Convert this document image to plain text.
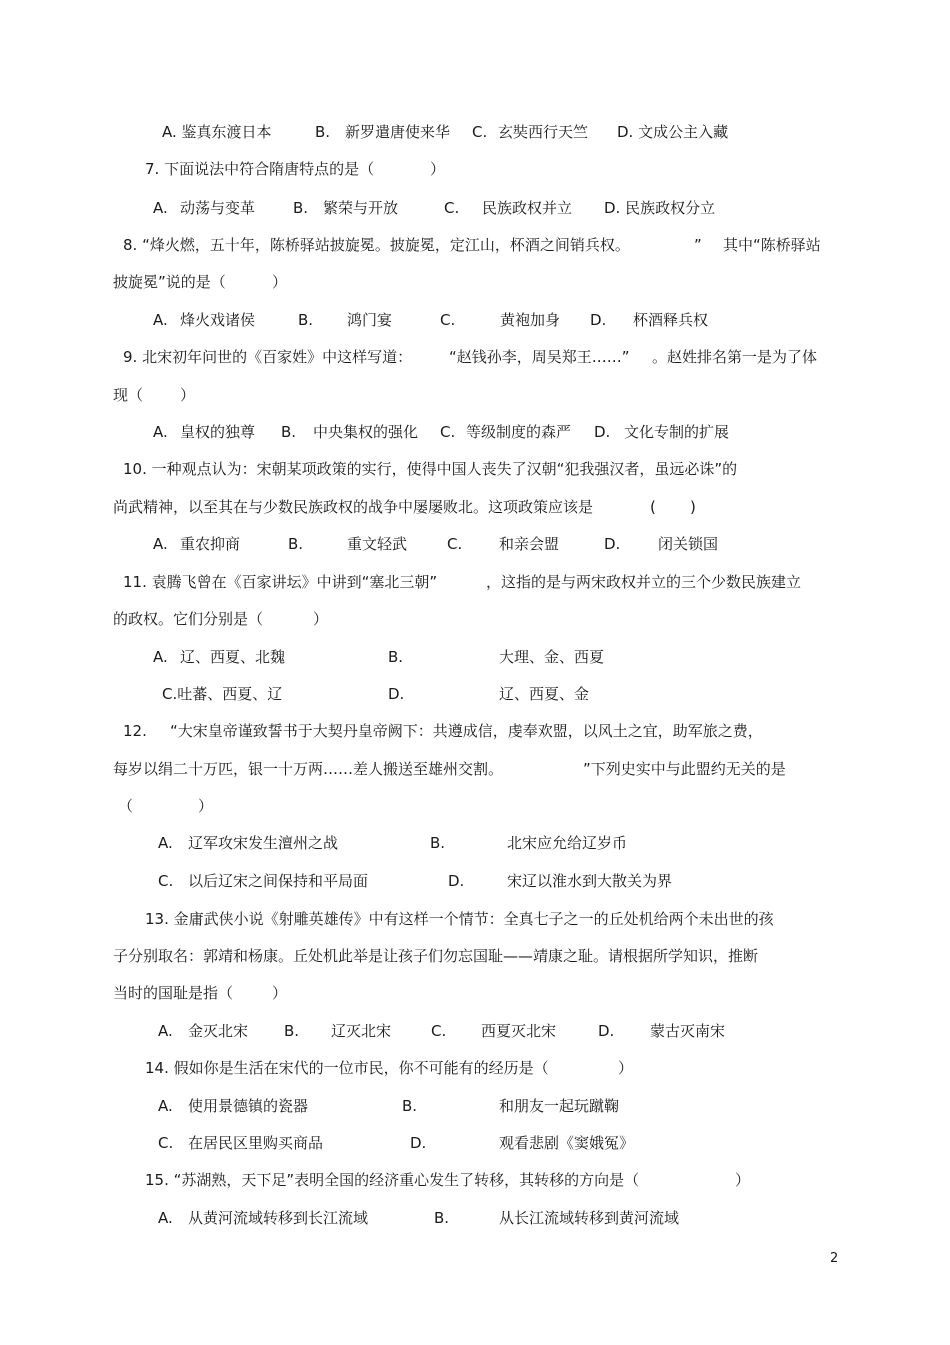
A. 鉴真东渡日本	B. 新罗遣唐使来华 C. 玄奘西行天竺 D. 文成公主入藏
7. 下面说法中符合隋唐特点的是（	）
A. 动荡与变革	B. 繁荣与开放	C. 民族政权并立 D. 民族政权分立
8. “烽火燃，五十年，陈桥驿站披旋冕。披旋冕，定江山，杯酒之间销兵权。	” 其中“陈桥驿站
披旋冕”说的是（	）
A. 烽火戏诸侯	B. 鸿门宴	C.	黄袍加身 D. 杯酒释兵权
9. 北宋初年问世的《百家姓》中这样写道： “赵钱孙李，周吴郑王……” 。赵姓排名第一是为了体
现（ ）
A. 皇权的独尊 B. 中央集权的强化 C. 等级制度的森严 D. 文化专制的扩展
10. 一种观点认为：宋朝某项政策的实行，使得中国人丧失了汉朝“犯我强汉者，虽远必诛”的
尚武精神，以至其在与少数民族政权的战争中屡屡败北。这项政策应该是	( )
A. 重农抑商	B.	重文轻武	C. 和亲会盟	D.	闭关锁国
11. 袁腾飞曾在《百家讲坛》中讲到“塞北三朝”	，这指的是与两宋政权并立的三个少数民族建立
的政权。它们分别是（	）
A. 辽、西夏、北魏	B.	大理、金、西夏
C.吐蕃、西夏、辽	D.	辽、西夏、金
12. “大宋皇帝谨致誓书于大契丹皇帝阙下：共遵成信，虔奉欢盟，以风土之宜，助军旅之费，
每岁以绢二十万匹，银一十万两……差人搬送至雄州交割。	”下列史实中与此盟约无关的是
（	）
A. 辽军攻宋发生澶州之战	B.	北宋应允给辽岁币
C. 以后辽宋之间保持和平局面	D.	宋辽以淮水到大散关为界
13. 金庸武侠小说《射雕英雄传》中有这样一个情节：全真七子之一的丘处机给两个未出世的孩
子分别取名：郭靖和杨康。丘处机此举是让孩子们勿忘国耻——靖康之耻。请根据所学知识，推断
当时的国耻是指（	）
A. 金灭北宋 B. 辽灭北宋	C. 西夏灭北宋	D. 蒙古灭南宋
14. 假如你是生活在宋代的一位市民，你不可能有的经历是（	）
A. 使用景德镇的瓷器	B.	和朋友一起玩蹴鞠
C. 在居民区里购买商品	D.	观看悲剧《窦娥冤》
15. “苏湖熟，天下足”表明全国的经济重心发生了转移，其转移的方向是（	）
A. 从黄河流域转移到长江流域	B.	从长江流域转移到黄河流域
2
